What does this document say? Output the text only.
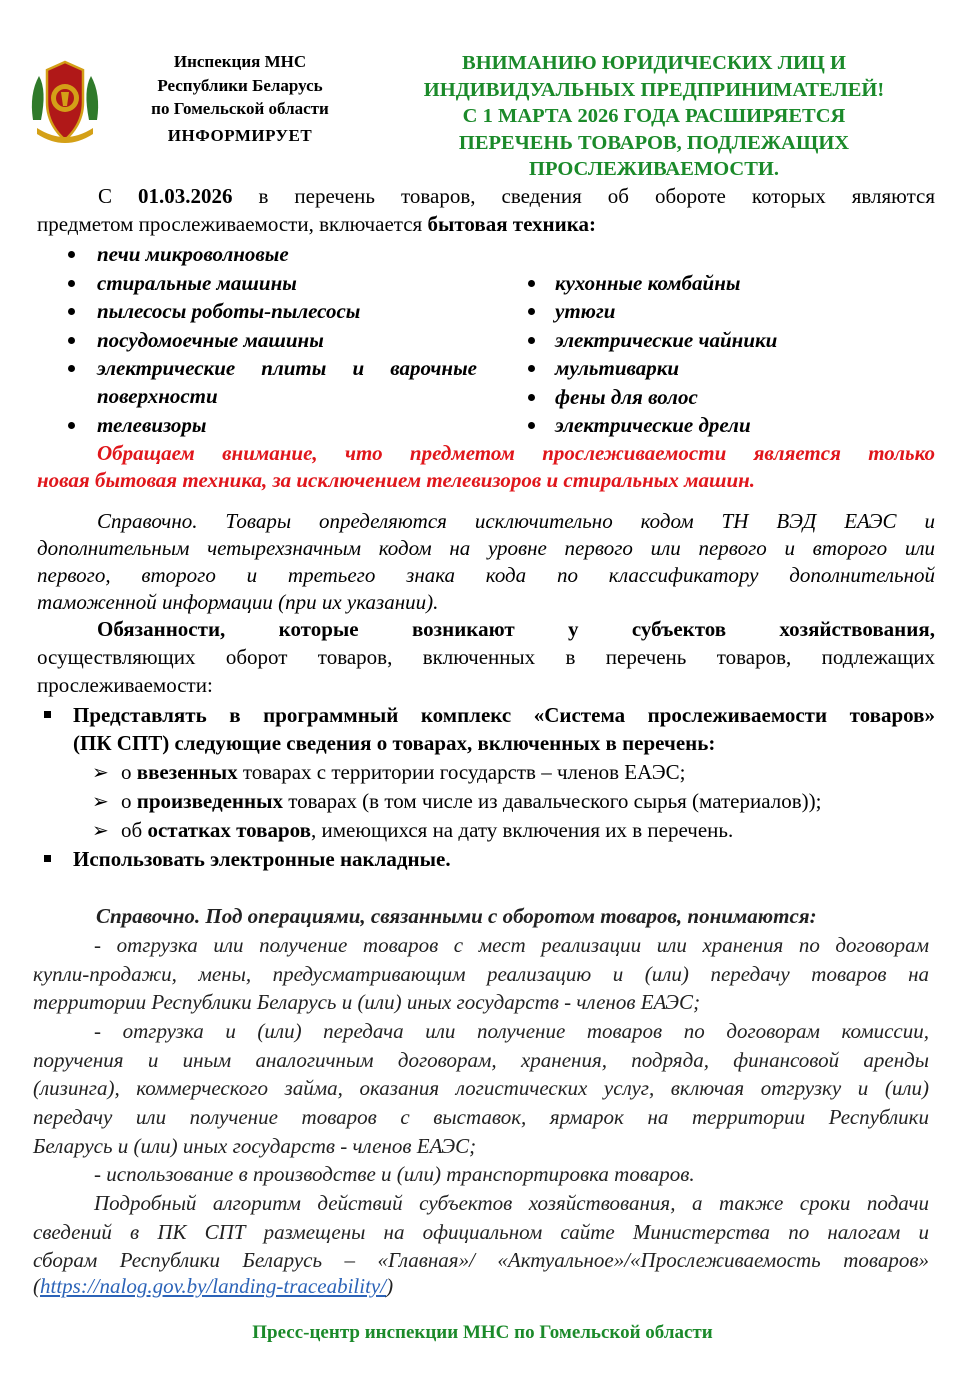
Инспекция МНС
Республики Беларусь
по Гомельской области
ИНФОРМИРУЕТ
ВНИМАНИЮ ЮРИДИЧЕСКИХ ЛИЦ И
ИНДИВИДУАЛЬНЫХ ПРЕДПРИНИМАТЕЛЕЙ!
С 1 МАРТА 2026 ГОДА РАСШИРЯЕТСЯ
ПЕРЕЧЕНЬ ТОВАРОВ, ПОДЛЕЖАЩИХ
ПРОСЛЕЖИВАЕМОСТИ.
С 01.03.2026 в перечень товаров, сведения об обороте которых являются
предметом прослеживаемости, включается бытовая техника:
печи микроволновые
стиральные машины
пылесосы роботы-пылесосы
посудомоечные машины
электрические плиты и варочные
поверхности
телевизоры
кухонные комбайны
утюги
электрические чайники
мультиварки
фены для волос
электрические дрели
Обращаем внимание, что предметом прослеживаемости является только
новая бытовая техника, за исключением телевизоров и стиральных машин.
Справочно. Товары определяются исключительно кодом ТН ВЭД ЕАЭС и
дополнительным четырехзначным кодом на уровне первого или первого и второго или
первого, второго и третьего знака кода по классификатору дополнительной
таможенной информации (при их указании).
Обязанности, которые возникают у субъектов хозяйствования,
осуществляющих оборот товаров, включенных в перечень товаров, подлежащих
прослеживаемости:
Представлять в программный комплекс «Система прослеживаемости товаров»
(ПК СПТ) следующие сведения о товарах, включенных в перечень:
➢ о ввезенных товарах с территории государств – членов ЕАЭС;
➢ о произведенных товарах (в том числе из давальческого сырья (материалов));
➢ об остатках товаров, имеющихся на дату включения их в перечень.
Использовать электронные накладные.
Справочно. Под операциями, связанными с оборотом товаров, понимаются:
- отгрузка или получение товаров с мест реализации или хранения по договорам
купли-продажи, мены, предусматривающим реализацию и (или) передачу товаров на
территории Республики Беларусь и (или) иных государств - членов ЕАЭС;
- отгрузка и (или) передача или получение товаров по договорам комиссии,
поручения и иным аналогичным договорам, хранения, подряда, финансовой аренды
(лизинга), коммерческого займа, оказания логистических услуг, включая отгрузку и (или)
передачу или получение товаров с выставок, ярмарок на территории Республики
Беларусь и (или) иных государств - членов ЕАЭС;
- использование в производстве и (или) транспортировка товаров.
Подробный алгоритм действий субъектов хозяйствования, а также сроки подачи
сведений в ПК СПТ размещены на официальном сайте Министерства по налогам и
сборам Республики Беларусь – «Главная»/ «Актуальное»/«Прослеживаемость товаров»
(https://nalog.gov.by/landing-traceability/)
Пресс-центр инспекции МНС по Гомельской области
